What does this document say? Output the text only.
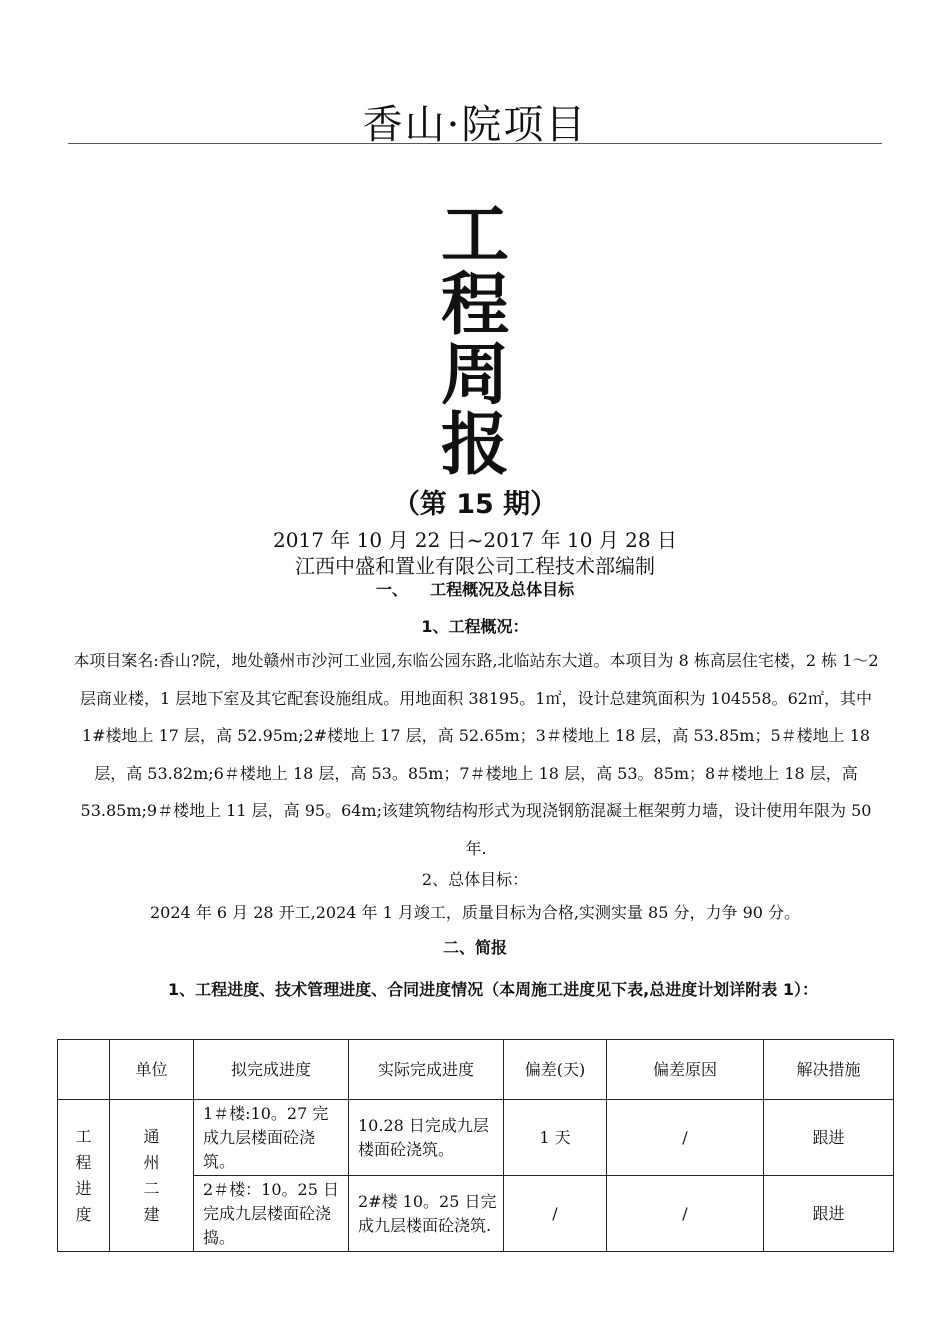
香山·院项目
工
程
周
报
（第 15 期）
2017 年 10 月 22 日~2017 年 10 月 28 日
江西中盛和置业有限公司工程技术部编制
一、    工程概况及总体目标
1、工程概况：
本项目案名:香山?院，地处赣州市沙河工业园,东临公园东路,北临站东大道。本项目为 8 栋高层住宅楼，2 栋 1～2 层商业楼，1 层地下室及其它配套设施组成。用地面积 38195。1㎡，设计总建筑面积为 104558。62㎡，其中 1#楼地上 17 层，高 52.95m;2#楼地上 17 层，高 52.65m；3＃楼地上 18 层，高 53.85m；5＃楼地上 18 层，高 53.82m;6＃楼地上 18 层，高 53。85m；7＃楼地上 18 层，高 53。85m；8＃楼地上 18 层，高 53.85m;9＃楼地上 11 层，高 95。64m;该建筑物结构形式为现浇钢筋混凝土框架剪力墙，设计使用年限为 50 年.
2、总体目标：
2024 年 6 月 28 开工,2024 年 1 月竣工，质量目标为合格,实测实量 85 分，力争 90 分。
二、简报
1、工程进度、技术管理进度、合同进度情况（本周施工进度见下表,总进度计划详附表 1）：
	单位	拟完成进度	实际完成进度	偏差(天)	偏差原因	解决措施
工程进度	通州二建	1＃楼:10。27 完成九层楼面砼浇筑。	10.28 日完成九层楼面砼浇筑。	1 天	/	跟进
		2＃楼：10。25 日完成九层楼面砼浇捣。	2#楼 10。25 日完成九层楼面砼浇筑.	/	/	跟进
